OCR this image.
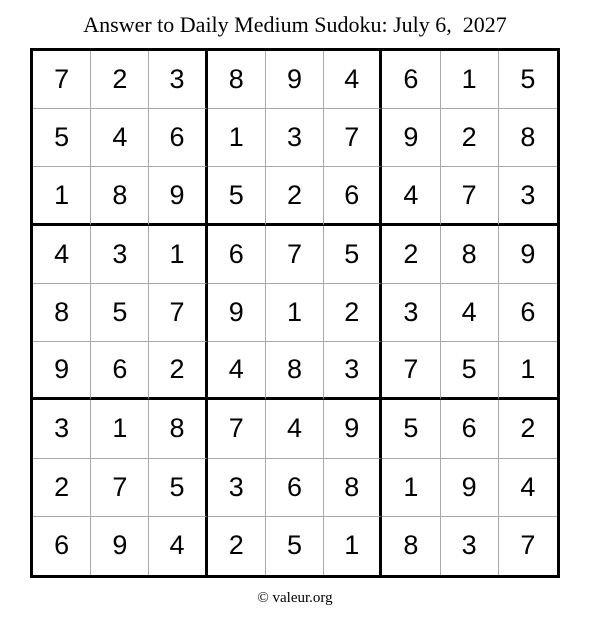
Answer to Daily Medium Sudoku: July 6,  2027
7	2	3	8	9	4	6	1	5
5	4	6	1	3	7	9	2	8
1	8	9	5	2	6	4	7	3
4	3	1	6	7	5	2	8	9
8	5	7	9	1	2	3	4	6
9	6	2	4	8	3	7	5	1
3	1	8	7	4	9	5	6	2
2	7	5	3	6	8	1	9	4
6	9	4	2	5	1	8	3	7
© valeur.org
